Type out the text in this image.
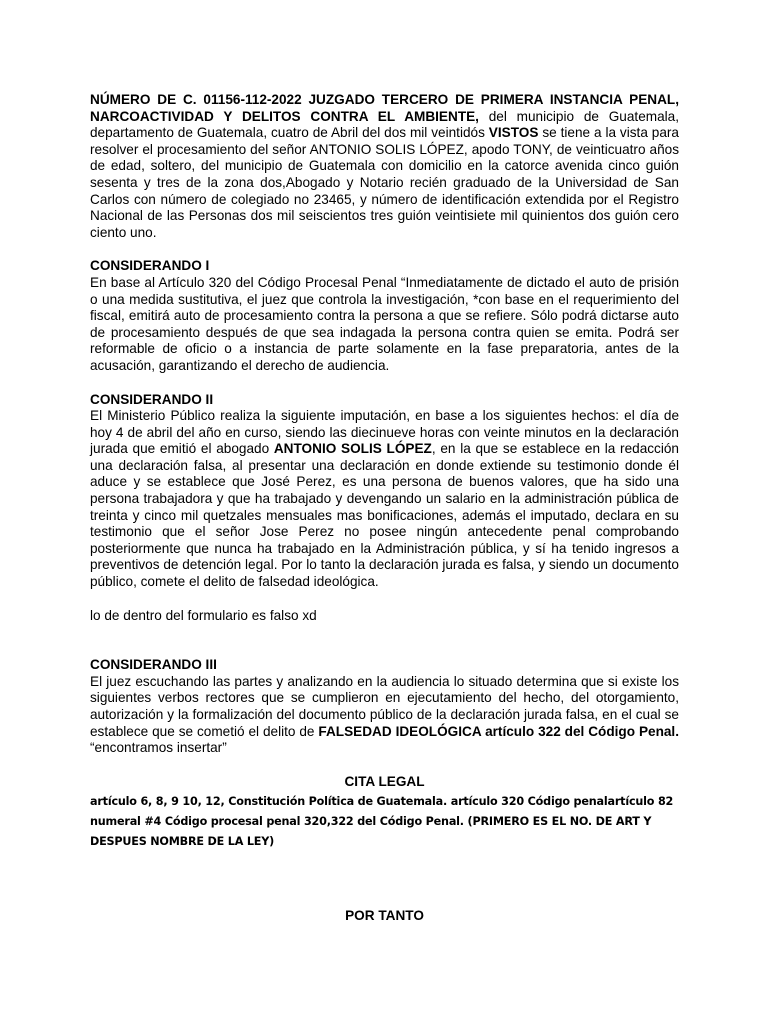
NÚMERO DE C. 01156-112-2022 JUZGADO TERCERO DE PRIMERA INSTANCIA PENAL, NARCOACTIVIDAD Y DELITOS CONTRA EL AMBIENTE, del municipio de Guatemala, departamento de Guatemala, cuatro de Abril del dos mil veintidós VISTOS se tiene a la vista para resolver el procesamiento del señor ANTONIO SOLIS LÓPEZ, apodo TONY, de veinticuatro años de edad, soltero, del municipio de Guatemala con domicilio en la catorce avenida cinco guión sesenta y tres de la zona dos,Abogado y Notario recién graduado de la Universidad de San Carlos con número de colegiado no 23465, y número de identificación extendida por el Registro Nacional de las Personas dos mil seiscientos tres guión veintisiete mil quinientos dos guión cero ciento uno.

CONSIDERANDO I

En base al Artículo 320 del Código Procesal Penal “Inmediatamente de dictado el auto de prisión o una medida sustitutiva, el juez que controla la investigación, *con base en el requerimiento del fiscal, emitirá auto de procesamiento contra la persona a que se refiere. Sólo podrá dictarse auto de procesamiento después de que sea indagada la persona contra quien se emita. Podrá ser reformable de oficio o a instancia de parte solamente en la fase preparatoria, antes de la acusación, garantizando el derecho de audiencia.

CONSIDERANDO II

El Ministerio Público realiza la siguiente imputación, en base a los siguientes hechos: el día de hoy 4 de abril del año en curso, siendo las diecinueve horas con veinte minutos en la declaración jurada que emitió el abogado ANTONIO SOLIS LÓPEZ, en la que se establece en la redacción una declaración falsa, al presentar una declaración en donde extiende su testimonio donde él aduce y se establece que José Perez, es una persona de buenos valores, que ha sido una persona trabajadora y que ha trabajado y devengando un salario en la administración pública de treinta y cinco mil quetzales mensuales mas bonificaciones, además el imputado, declara en su testimonio que el señor Jose Perez no posee ningún antecedente penal comprobando posteriormente que nunca ha trabajado en la Administración pública, y sí ha tenido ingresos a preventivos de detención legal. Por lo tanto la declaración jurada es falsa, y siendo un documento público, comete el delito de falsedad ideológica.

lo de dentro del formulario es falso xd

CONSIDERANDO III

El juez escuchando las partes y analizando en la audiencia lo situado determina que si existe los siguientes verbos rectores que se cumplieron en ejecutamiento del hecho, del otorgamiento, autorización y la formalización del documento público de la declaración jurada falsa, en el cual se establece que se cometió el delito de FALSEDAD IDEOLÓGICA artículo 322 del Código Penal. “encontramos insertar”

CITA LEGAL

artículo 6, 8, 9 10, 12, Constitución Política de Guatemala. artículo 320 Código penalartículo 82 numeral #4 Código procesal penal 320,322 del Código Penal. (PRIMERO ES EL NO. DE ART Y DESPUES NOMBRE DE LA LEY)

POR TANTO
